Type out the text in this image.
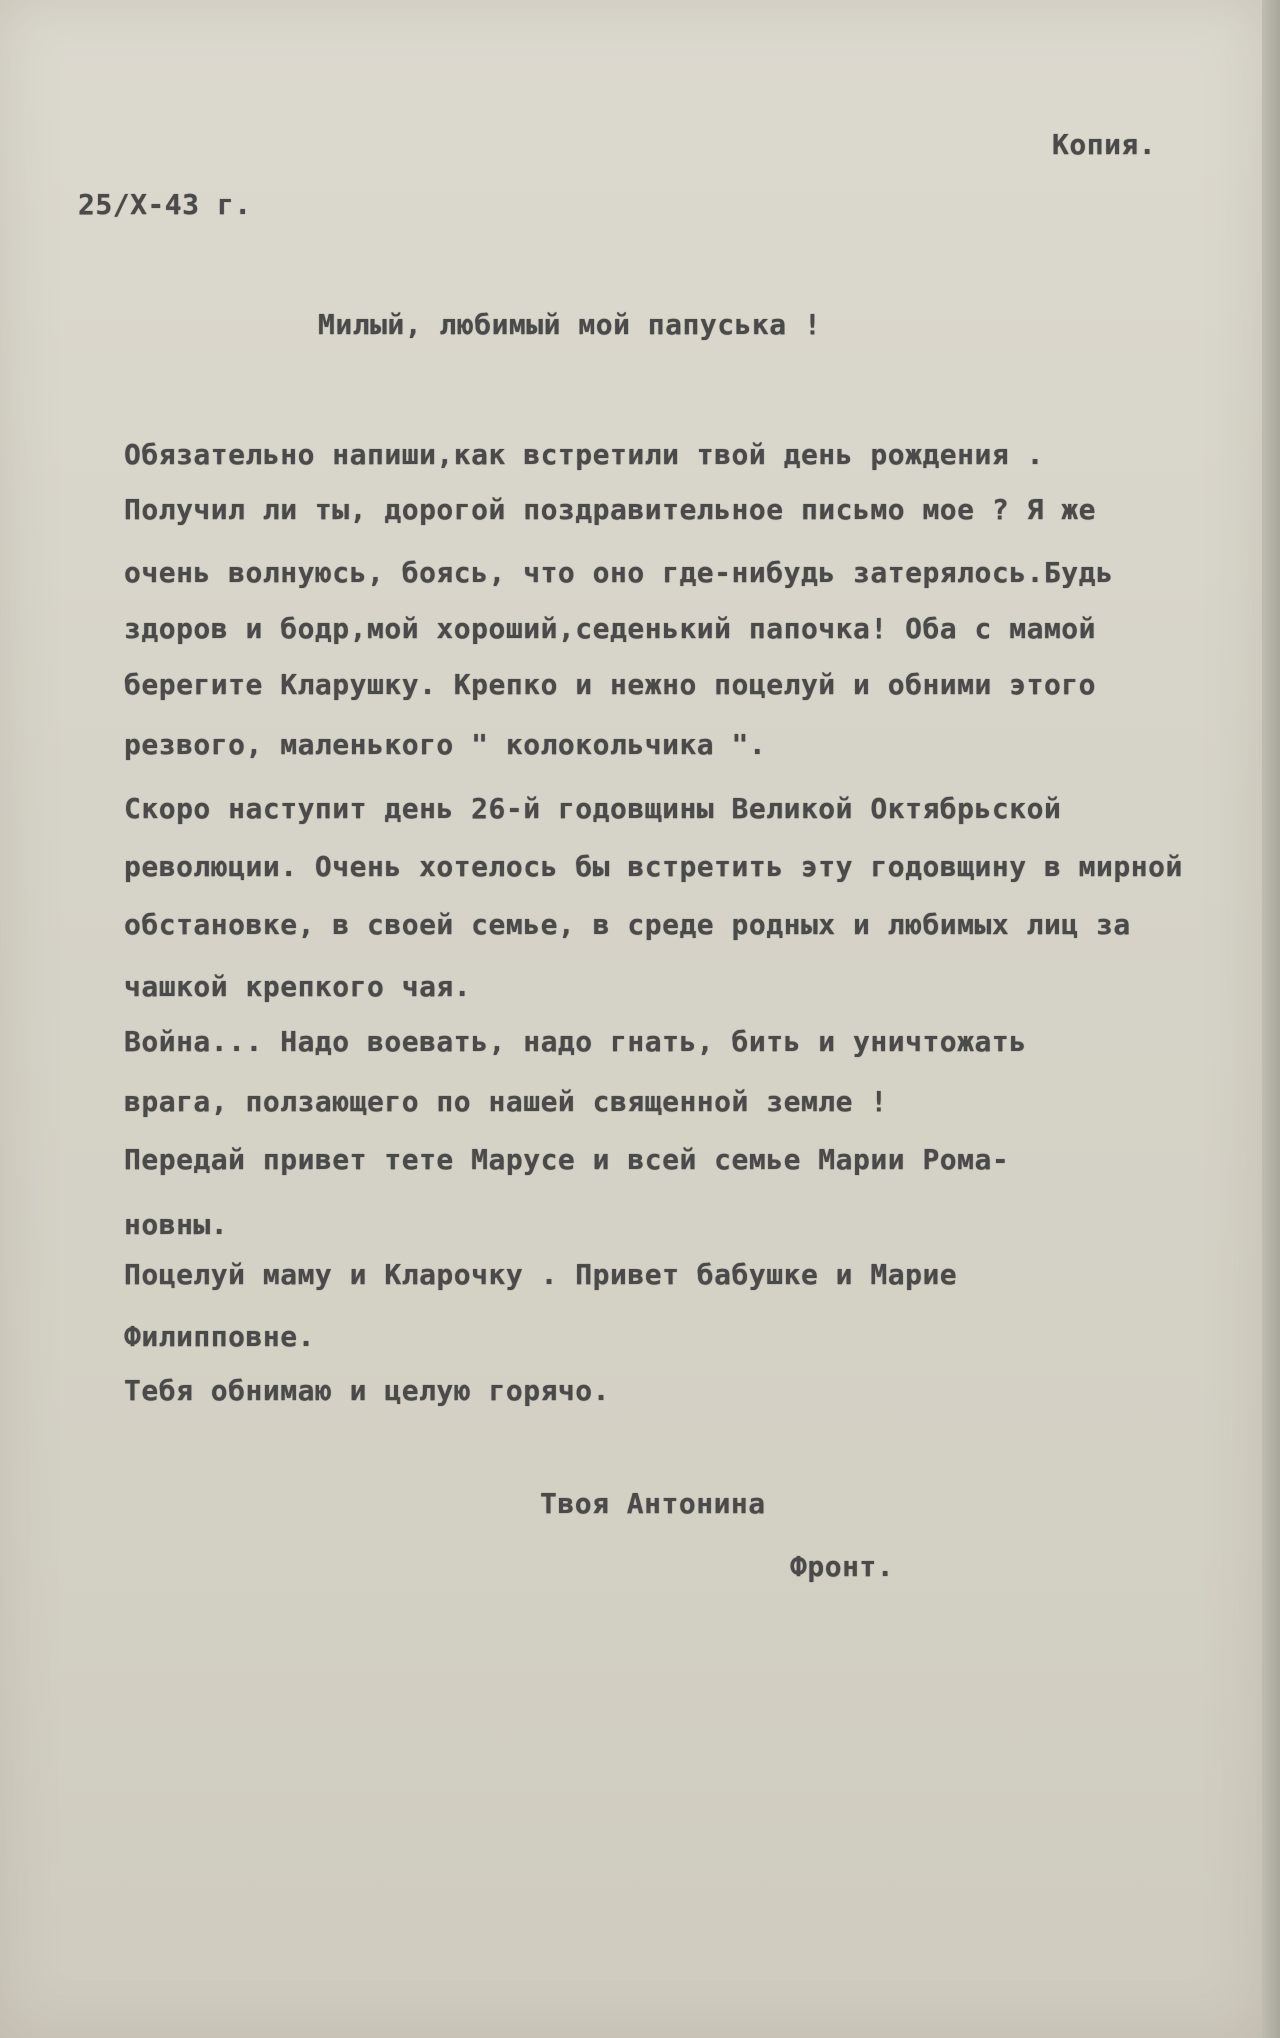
Копия.
25/Х-43 г.
Милый, любимый мой папуська !
Обязательно напиши,как встретили твой день рождения .
Получил ли ты, дорогой поздравительное письмо мое ? Я же
очень волнуюсь, боясь, что оно где-нибудь затерялось.Будь
здоров и бодр,мой хороший,седенький папочка! Оба с мамой
берегите Кларушку. Крепко и нежно поцелуй и обними этого
резвого, маленького " колокольчика ".
Скоро наступит день 26-й годовщины Великой Октябрьской
революции. Очень хотелось бы встретить эту годовщину в мирной
обстановке, в своей семье, в среде родных и любимых лиц за
чашкой крепкого чая.
Война... Надо воевать, надо гнать, бить и уничтожать
врага, ползающего по нашей священной земле !
Передай привет тете Марусе и всей семье Марии Рома-
новны.
Поцелуй маму и Кларочку . Привет бабушке и Марие
Филипповне.
Тебя обнимаю и целую горячо.
Твоя Антонина
Фронт.
